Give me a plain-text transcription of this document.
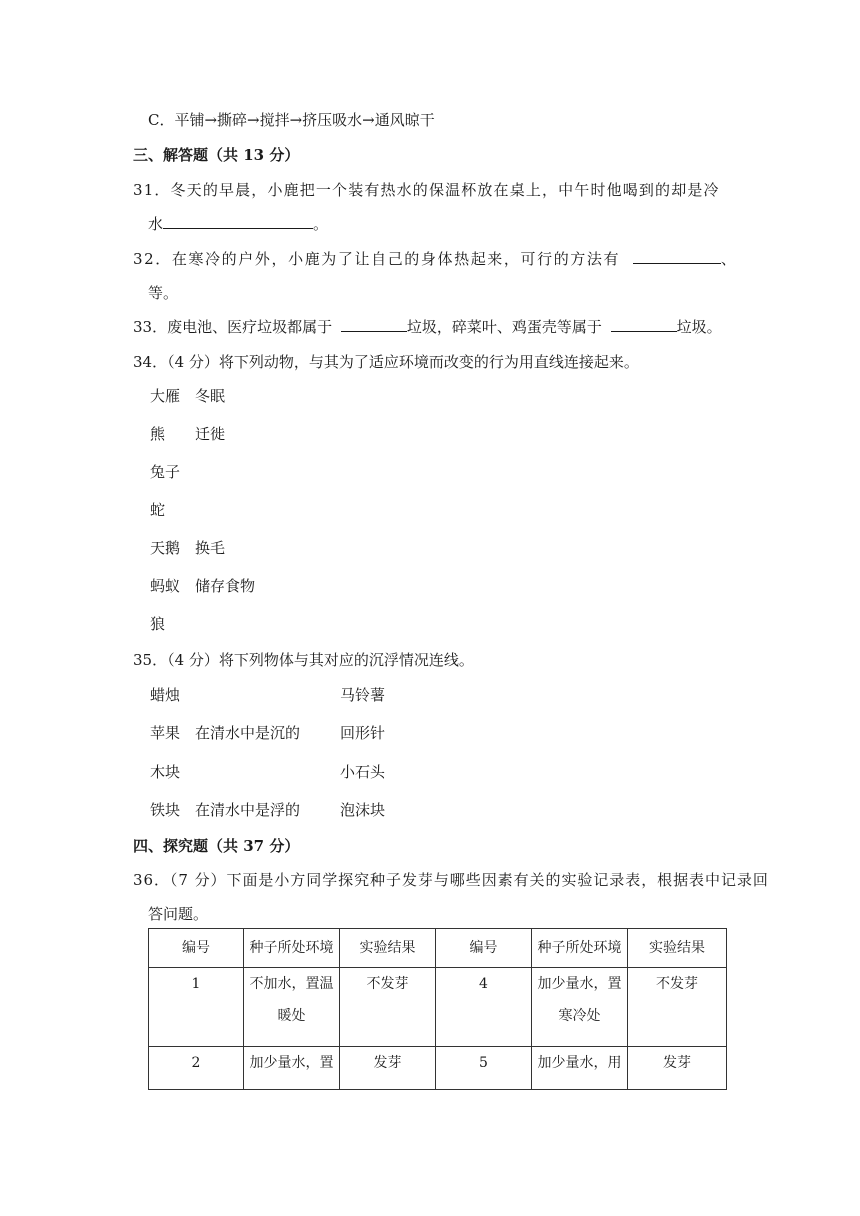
C．平铺→撕碎→搅拌→挤压吸水→通风晾干
三、解答题（共 13 分）
31．冬天的早晨，小鹿把一个装有热水的保温杯放在桌上，中午时他喝到的却是冷
水	。
32．在寒冷的户外，小鹿为了让自己的身体热起来，可行的方法有	、
等。
33．废电池、医疗垃圾都属于	垃圾，碎菜叶、鸡蛋壳等属于	垃圾。
34．（4 分）将下列动物，与其为了适应环境而改变的行为用直线连接起来。
大雁
熊
兔子
蛇
天鹅
蚂蚁
狼
冬眠
迁徙
换毛
储存食物
35．（4 分）将下列物体与其对应的沉浮情况连线。
蜡烛
苹果
木块
铁块
在清水中是沉的
在清水中是浮的
马铃薯
回形针
小石头
泡沫块
四、探究题（共 37 分）
36．（7 分）下面是小方同学探究种子发芽与哪些因素有关的实验记录表，根据表中记录回
答问题。
编号	种子所处环境	实验结果	编号	种子所处环境	实验结果
1	不加水，置温暖处	不发芽	4	加少量水，置寒冷处	不发芽
2	加少量水，置	发芽	5	加少量水，用	发芽
